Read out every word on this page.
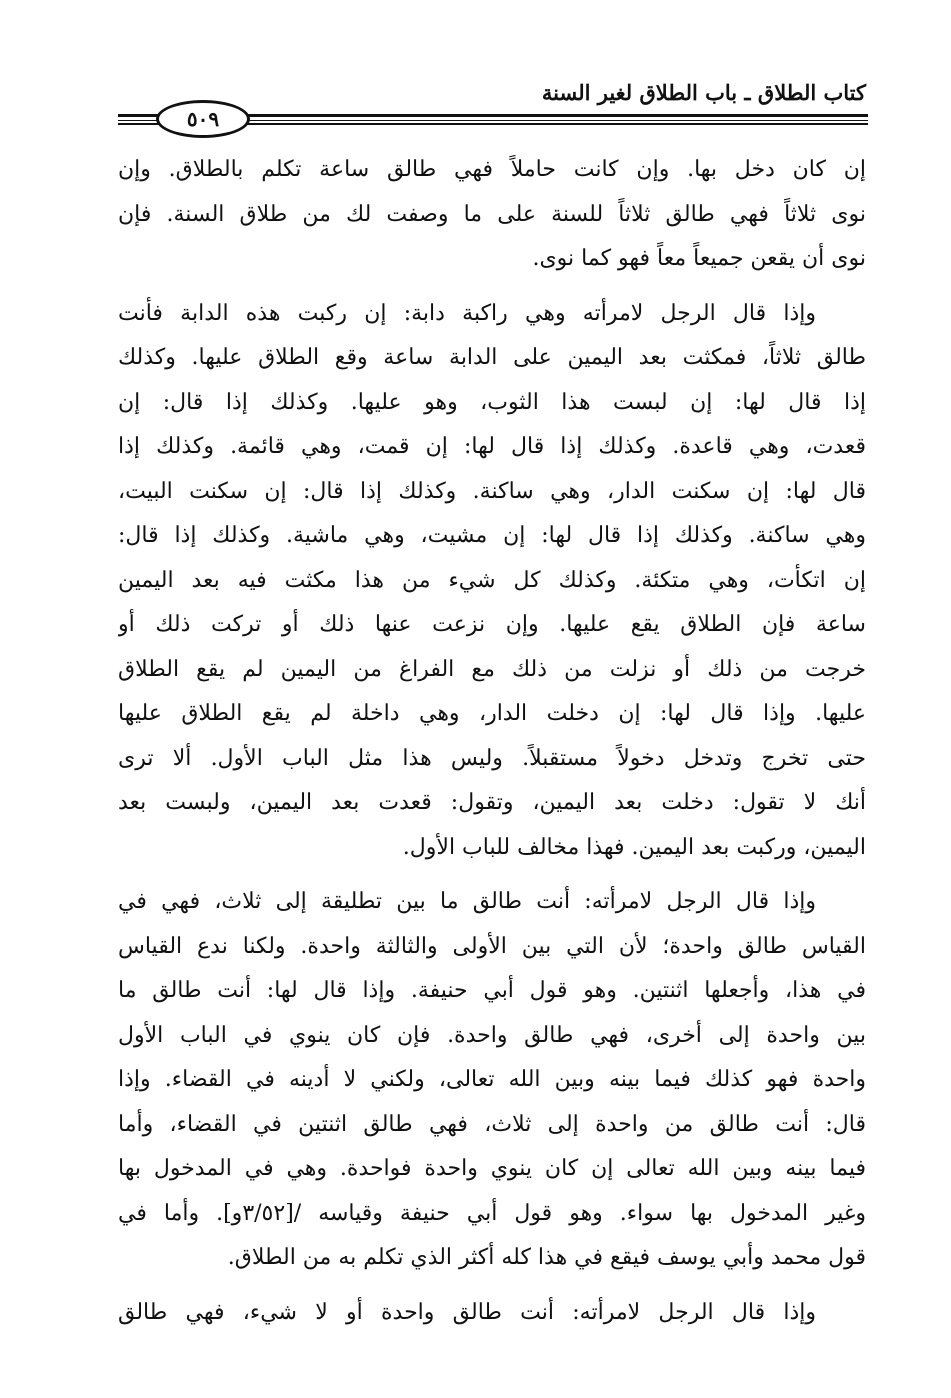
كتاب الطلاق ـ باب الطلاق لغير السنة
٥٠٩
إن كان دخل بها. وإن كانت حاملاً فهي طالق ساعة تكلم بالطلاق. وإن
نوى ثلاثاً فهي طالق ثلاثاً للسنة على ما وصفت لك من طلاق السنة. فإن
نوى أن يقعن جميعاً معاً فهو كما نوى.
وإذا قال الرجل لامرأته وهي راكبة دابة: إن ركبت هذه الدابة فأنت
طالق ثلاثاً، فمكثت بعد اليمين على الدابة ساعة وقع الطلاق عليها. وكذلك
إذا قال لها: إن لبست هذا الثوب، وهو عليها. وكذلك إذا قال: إن
قعدت، وهي قاعدة. وكذلك إذا قال لها: إن قمت، وهي قائمة. وكذلك إذا
قال لها: إن سكنت الدار، وهي ساكنة. وكذلك إذا قال: إن سكنت البيت،
وهي ساكنة. وكذلك إذا قال لها: إن مشيت، وهي ماشية. وكذلك إذا قال:
إن اتكأت، وهي متكئة. وكذلك كل شيء من هذا مكثت فيه بعد اليمين
ساعة فإن الطلاق يقع عليها. وإن نزعت عنها ذلك أو تركت ذلك أو
خرجت من ذلك أو نزلت من ذلك مع الفراغ من اليمين لم يقع الطلاق
عليها. وإذا قال لها: إن دخلت الدار، وهي داخلة لم يقع الطلاق عليها
حتى تخرج وتدخل دخولاً مستقبلاً. وليس هذا مثل الباب الأول. ألا ترى
أنك لا تقول: دخلت بعد اليمين، وتقول: قعدت بعد اليمين، ولبست بعد
اليمين، وركبت بعد اليمين. فهذا مخالف للباب الأول.
وإذا قال الرجل لامرأته: أنت طالق ما بين تطليقة إلى ثلاث، فهي في
القياس طالق واحدة؛ لأن التي بين الأولى والثالثة واحدة. ولكنا ندع القياس
في هذا، وأجعلها اثنتين. وهو قول أبي حنيفة. وإذا قال لها: أنت طالق ما
بين واحدة إلى أخرى، فهي طالق واحدة. فإن كان ينوي في الباب الأول
واحدة فهو كذلك فيما بينه وبين الله تعالى، ولكني لا أدينه في القضاء. وإذا
قال: أنت طالق من واحدة إلى ثلاث، فهي طالق اثنتين في القضاء، وأما
فيما بينه وبين الله تعالى إن كان ينوي واحدة فواحدة. وهي في المدخول بها
وغير المدخول بها سواء. وهو قول أبي حنيفة وقياسه /[٣/٥٢و]. وأما في
قول محمد وأبي يوسف فيقع في هذا كله أكثر الذي تكلم به من الطلاق.
وإذا قال الرجل لامرأته: أنت طالق واحدة أو لا شيء، فهي طالق
